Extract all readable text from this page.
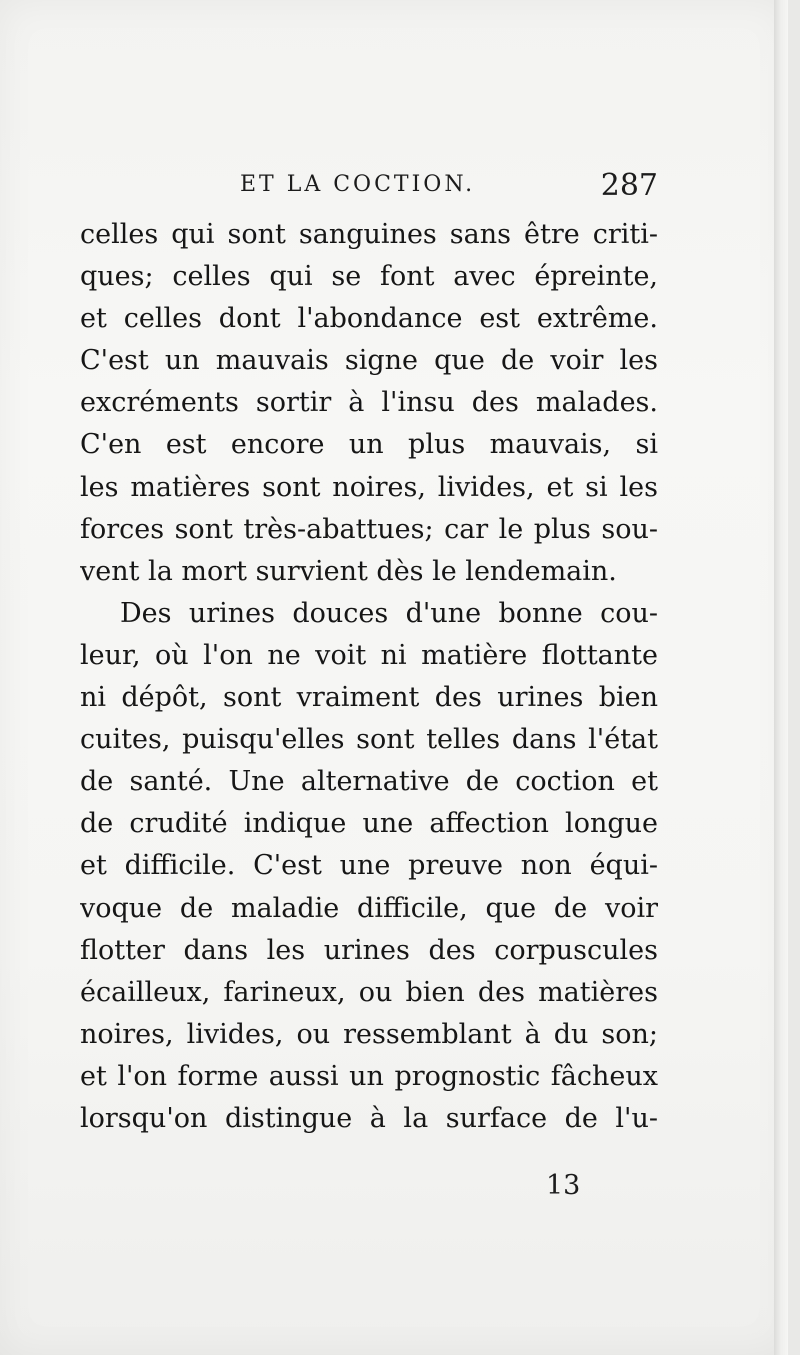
ET LA COCTION.	287
celles qui sont sanguines sans être criti-
ques; celles qui se font avec épreinte,
et celles dont l'abondance est extrême.
C'est un mauvais signe que de voir les
excréments sortir à l'insu des malades.
C'en est encore un plus mauvais, si
les matières sont noires, livides, et si les
forces sont très-abattues; car le plus sou-
vent la mort survient dès le lendemain.
Des urines douces d'une bonne cou-
leur, où l'on ne voit ni matière flottante
ni dépôt, sont vraiment des urines bien
cuites, puisqu'elles sont telles dans l'état
de santé. Une alternative de coction et
de crudité indique une affection longue
et difficile. C'est une preuve non équi-
voque de maladie difficile, que de voir
flotter dans les urines des corpuscules
écailleux, farineux, ou bien des matières
noires, livides, ou ressemblant à du son;
et l'on forme aussi un prognostic fâcheux
lorsqu'on distingue à la surface de l'u-
13
